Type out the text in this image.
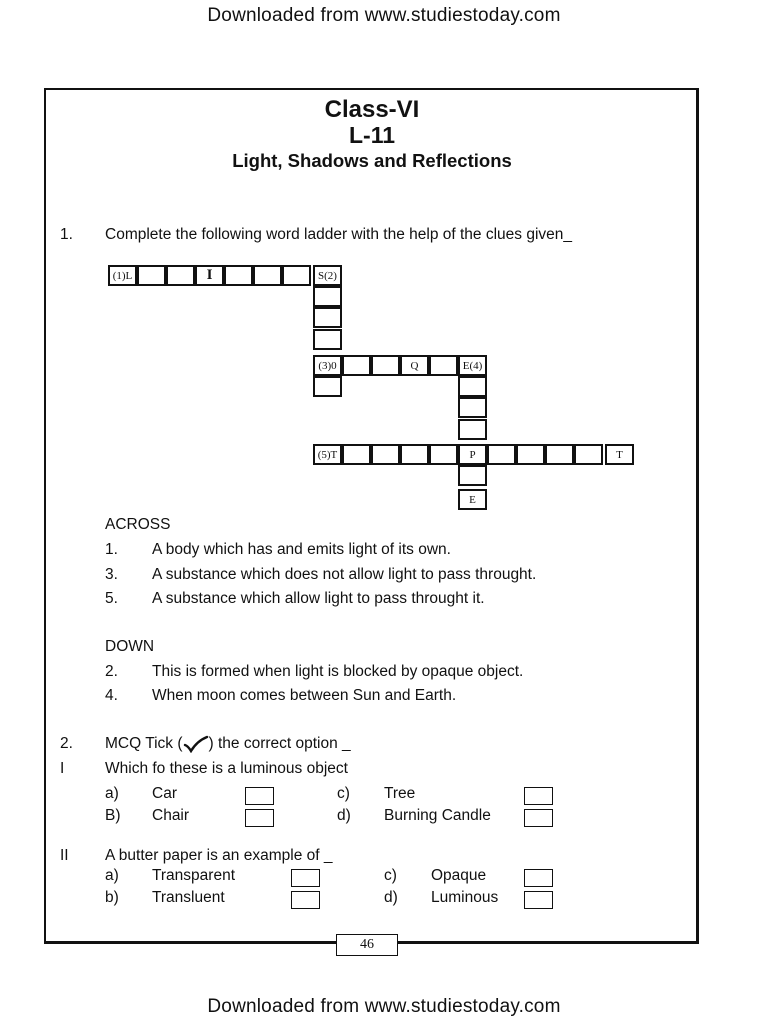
Downloaded from www.studiestoday.com
Class-VI
L-11
Light, Shadows and Reflections
1. Complete the following word ladder with the help of the clues given_
(1)L	I	S(2)
(3)0	Q	E(4)
(5)T	P	T
E
ACROSS
1. A body which has and emits light of its own.
3. A substance which does not allow light to pass throught.
5. A substance which allow light to pass throught it.
DOWN
2. This is formed when light is blocked by opaque object.
4. When moon comes between Sun and Earth.
2. MCQ Tick ( ) the correct option _
I	Which fo these is a luminous object
a) Car	c) Tree
B) Chair	d) Burning Candle
II A butter paper is an example of _
a) Transparent	c) Opaque
b) Transluent	d) Luminous
46
Downloaded from www.studiestoday.com
